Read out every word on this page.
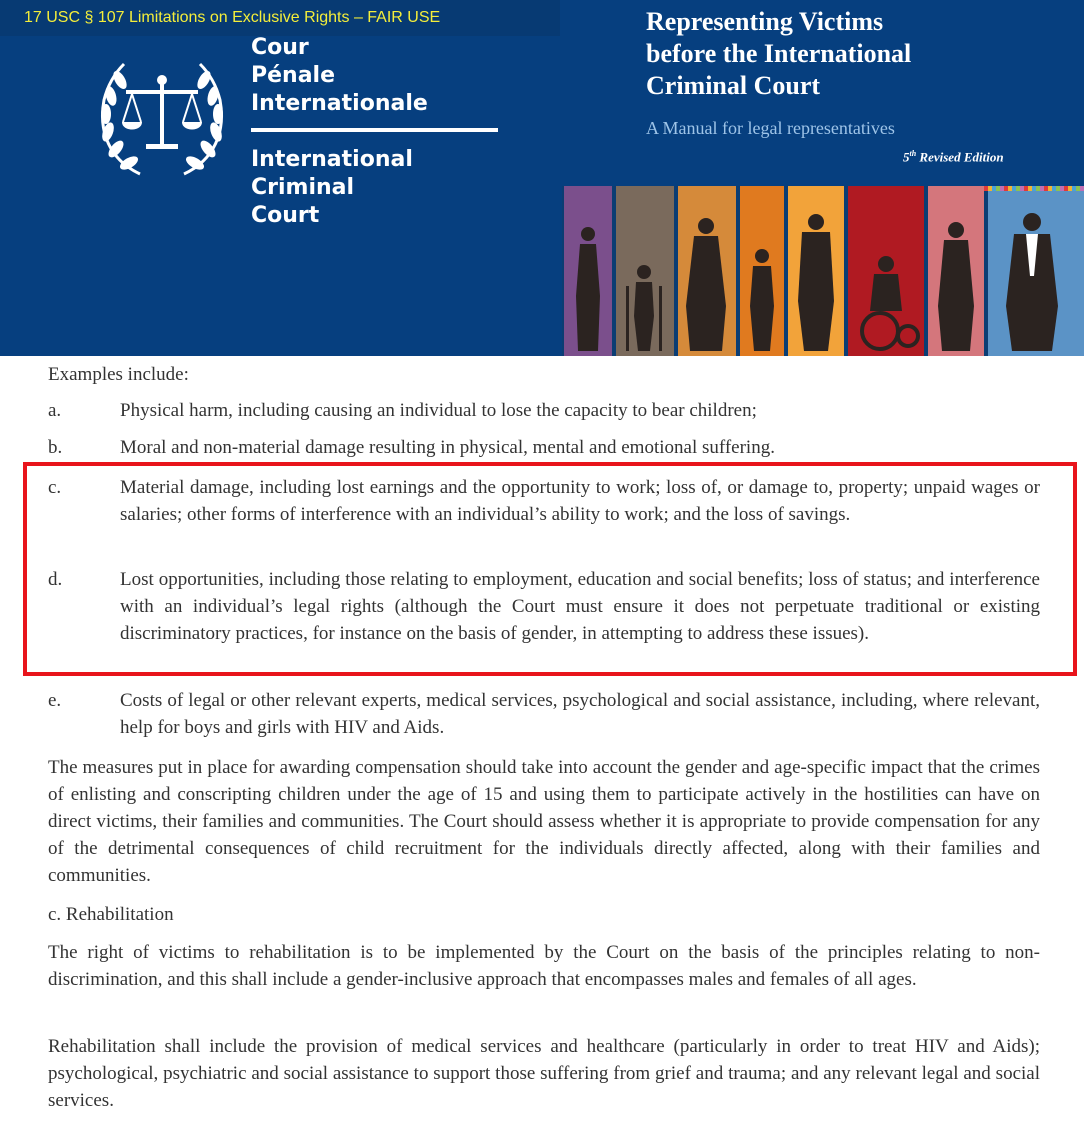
17 USC § 107 Limitations on Exclusive Rights – FAIR USE
Cour
Pénale
Internationale
International
Criminal
Court
Representing Victims
before the International
Criminal Court
A Manual for legal representatives
5th Revised Edition
Examples include:
a.	Physical harm, including causing an individual to lose the capacity to bear children;
b.	Moral and non-material damage resulting in physical, mental and emotional suffering.
c.	Material damage, including lost earnings and the opportunity to work; loss of, or damage to, property; unpaid wages or salaries; other forms of interference with an individual’s ability to work; and the loss of savings.
d.	Lost opportunities, including those relating to employment, education and social benefits; loss of status; and interference with an individual’s legal rights (although the Court must ensure it does not perpetuate traditional or existing discriminatory practices, for instance on the basis of gender, in attempting to address these issues).
e.	Costs of legal or other relevant experts, medical services, psychological and social assistance, including, where relevant, help for boys and girls with HIV and Aids.
The measures put in place for awarding compensation should take into account the gender and age-specific impact that the crimes of enlisting and conscripting children under the age of 15 and using them to participate actively in the hostilities can have on direct victims, their families and communities. The Court should assess whether it is appropriate to provide compensation for any of the detrimental consequences of child recruitment for the individuals directly affected, along with their families and communities.
c. Rehabilitation
The right of victims to rehabilitation is to be implemented by the Court on the basis of the principles relating to non-discrimination, and this shall include a gender-inclusive approach that encompasses males and females of all ages.
Rehabilitation shall include the provision of medical services and healthcare (particularly in order to treat HIV and Aids); psychological, psychiatric and social assistance to support those suffering from grief and trauma; and any relevant legal and social services.
